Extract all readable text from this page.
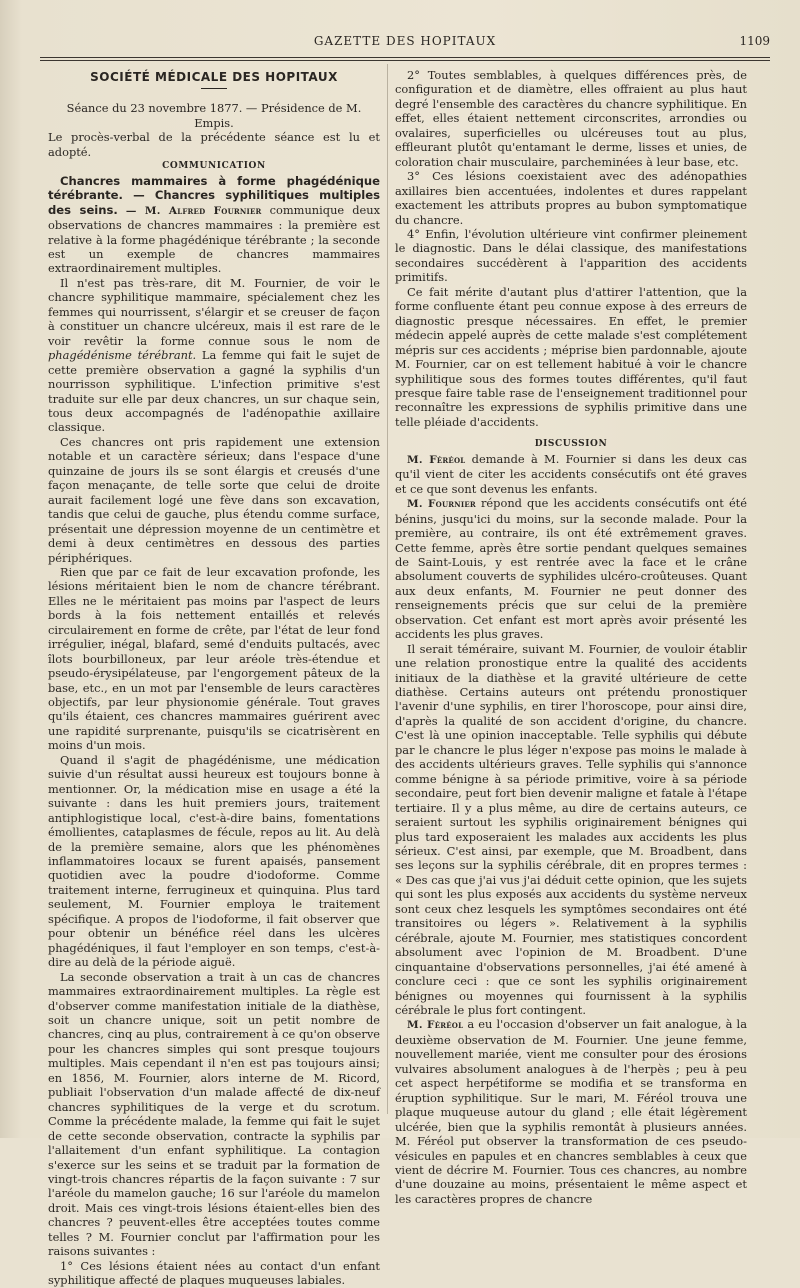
GAZETTE DES HOPITAUX	1109
SOCIÉTÉ MÉDICALE DES HOPITAUX

Séance du 23 novembre 1877. — Présidence de M. Empis.

Le procès-verbal de la précédente séance est lu et adopté.

COMMUNICATION

Chancres mammaires à forme phagédénique térébrante. — Chancres syphilitiques multiples des seins. — M. Alfred Fournier communique deux observations de chancres mammaires : la première est relative à la forme phagédénique térébrante ; la seconde est un exemple de chancres mammaires extraordinairement multiples.

Il n'est pas très-rare, dit M. Fournier, de voir le chancre syphilitique mammaire, spécialement chez les femmes qui nourrissent, s'élargir et se creuser de façon à constituer un chancre ulcéreux, mais il est rare de le voir revêtir la forme connue sous le nom de phagédénisme térébrant. La femme qui fait le sujet de cette première observation a gagné la syphilis d'un nourrisson syphilitique. L'infection primitive s'est traduite sur elle par deux chancres, un sur chaque sein, tous deux accompagnés de l'adénopathie axillaire classique.

Ces chancres ont pris rapidement une extension notable et un caractère sérieux; dans l'espace d'une quinzaine de jours ils se sont élargis et creusés d'une façon menaçante, de telle sorte que celui de droite aurait facilement logé une fève dans son excavation, tandis que celui de gauche, plus étendu comme surface, présentait une dépression moyenne de un centimètre et demi à deux centimètres en dessous des parties périphériques.

Rien que par ce fait de leur excavation profonde, les lésions méritaient bien le nom de chancre térébrant. Elles ne le méritaient pas moins par l'aspect de leurs bords à la fois nettement entaillés et relevés circulairement en forme de crête, par l'état de leur fond irrégulier, inégal, blafard, semé d'enduits pultacés, avec îlots bourbilloneux, par leur aréole très-étendue et pseudo-érysipélateuse, par l'engorgement pâteux de la base, etc., en un mot par l'ensemble de leurs caractères objectifs, par leur physionomie générale. Tout graves qu'ils étaient, ces chancres mammaires guérirent avec une rapidité surprenante, puisqu'ils se cicatrisèrent en moins d'un mois.

Quand il s'agit de phagédénisme, une médication suivie d'un résultat aussi heureux est toujours bonne à mentionner. Or, la médication mise en usage a été la suivante : dans les huit premiers jours, traitement antiphlogistique local, c'est-à-dire bains, fomentations émollientes, cataplasmes de fécule, repos au lit. Au delà de la première semaine, alors que les phénomènes inflammatoires locaux se furent apaisés, pansement quotidien avec la poudre d'iodoforme. Comme traitement interne, ferrugineux et quinquina. Plus tard seulement, M. Fournier employa le traitement spécifique. A propos de l'iodoforme, il fait observer que pour obtenir un bénéfice réel dans les ulcères phagédéniques, il faut l'employer en son temps, c'est-à-dire au delà de la période aiguë.

La seconde observation a trait à un cas de chancres mammaires extraordinairement multiples. La règle est d'observer comme manifestation initiale de la diathèse, soit un chancre unique, soit un petit nombre de chancres, cinq au plus, contrairement à ce qu'on observe pour les chancres simples qui sont presque toujours multiples. Mais cependant il n'en est pas toujours ainsi; en 1856, M. Fournier, alors interne de M. Ricord, publiait l'observation d'un malade affecté de dix-neuf chancres syphilitiques de la verge et du scrotum. Comme la précédente malade, la femme qui fait le sujet de cette seconde observation, contracte la syphilis par l'allaitement d'un enfant syphilitique. La contagion s'exerce sur les seins et se traduit par la formation de vingt-trois chancres répartis de la façon suivante : 7 sur l'aréole du mamelon gauche; 16 sur l'aréole du mamelon droit. Mais ces vingt-trois lésions étaient-elles bien des chancres ? peuvent-elles être acceptées toutes comme telles ? M. Fournier conclut par l'affirmation pour les raisons suivantes :

1° Ces lésions étaient nées au contact d'un enfant syphilitique affecté de plaques muqueuses labiales.

2° Toutes semblables, à quelques différences près, de configuration et de diamètre, elles offraient au plus haut degré l'ensemble des caractères du chancre syphilitique. En effet, elles étaient nettement circonscrites, arrondies ou ovalaires, superficielles ou ulcéreuses tout au plus, effleurant plutôt qu'entamant le derme, lisses et unies, de coloration chair musculaire, parcheminées à leur base, etc.

3° Ces lésions coexistaient avec des adénopathies axillaires bien accentuées, indolentes et dures rappelant exactement les attributs propres au bubon symptomatique du chancre.

4° Enfin, l'évolution ultérieure vint confirmer pleinement le diagnostic. Dans le délai classique, des manifestations secondaires succédèrent à l'apparition des accidents primitifs.

Ce fait mérite d'autant plus d'attirer l'attention, que la forme confluente étant peu connue expose à des erreurs de diagnostic presque nécessaires. En effet, le premier médecin appelé auprès de cette malade s'est complétement mépris sur ces accidents ; méprise bien pardonnable, ajoute M. Fournier, car on est tellement habitué à voir le chancre syphilitique sous des formes toutes différentes, qu'il faut presque faire table rase de l'enseignement traditionnel pour reconnaître les expressions de syphilis primitive dans une telle pléiade d'accidents.

DISCUSSION

M. Féréol demande à M. Fournier si dans les deux cas qu'il vient de citer les accidents consécutifs ont été graves et ce que sont devenus les enfants.

M. Fournier répond que les accidents consécutifs ont été bénins, jusqu'ici du moins, sur la seconde malade. Pour la première, au contraire, ils ont été extrêmement graves. Cette femme, après être sortie pendant quelques semaines de Saint-Louis, y est rentrée avec la face et le crâne absolument couverts de syphilides ulcéro-croûteuses. Quant aux deux enfants, M. Fournier ne peut donner des renseignements précis que sur celui de la première observation. Cet enfant est mort après avoir présenté les accidents les plus graves.

Il serait téméraire, suivant M. Fournier, de vouloir établir une relation pronostique entre la qualité des accidents initiaux de la diathèse et la gravité ultérieure de cette diathèse. Certains auteurs ont prétendu pronostiquer l'avenir d'une syphilis, en tirer l'horoscope, pour ainsi dire, d'après la qualité de son accident d'origine, du chancre. C'est là une opinion inacceptable. Telle syphilis qui débute par le chancre le plus léger n'expose pas moins le malade à des accidents ultérieurs graves. Telle syphilis qui s'annonce comme bénigne à sa période primitive, voire à sa période secondaire, peut fort bien devenir maligne et fatale à l'étape tertiaire. Il y a plus même, au dire de certains auteurs, ce seraient surtout les syphilis originairement bénignes qui plus tard exposeraient les malades aux accidents les plus sérieux. C'est ainsi, par exemple, que M. Broadbent, dans ses leçons sur la syphilis cérébrale, dit en propres termes : « Des cas que j'ai vus j'ai déduit cette opinion, que les sujets qui sont les plus exposés aux accidents du système nerveux sont ceux chez lesquels les symptômes secondaires ont été transitoires ou légers ». Relativement à la syphilis cérébrale, ajoute M. Fournier, mes statistiques concordent absolument avec l'opinion de M. Broadbent. D'une cinquantaine d'observations personnelles, j'ai été amené à conclure ceci : que ce sont les syphilis originairement bénignes ou moyennes qui fournissent à la syphilis cérébrale le plus fort contingent.

M. Féréol a eu l'occasion d'observer un fait analogue, à la deuxième observation de M. Fournier. Une jeune femme, nouvellement mariée, vient me consulter pour des érosions vulvaires absolument analogues à de l'herpès ; peu à peu cet aspect herpétiforme se modifia et se transforma en éruption syphilitique. Sur le mari, M. Féréol trouva une plaque muqueuse autour du gland ; elle était légèrement ulcérée, bien que la syphilis remontât à plusieurs années. M. Féréol put observer la transformation de ces pseudo-vésicules en papules et en chancres semblables à ceux que vient de décrire M. Fournier. Tous ces chancres, au nombre d'une douzaine au moins, présentaient le même aspect et les caractères propres de chancre
